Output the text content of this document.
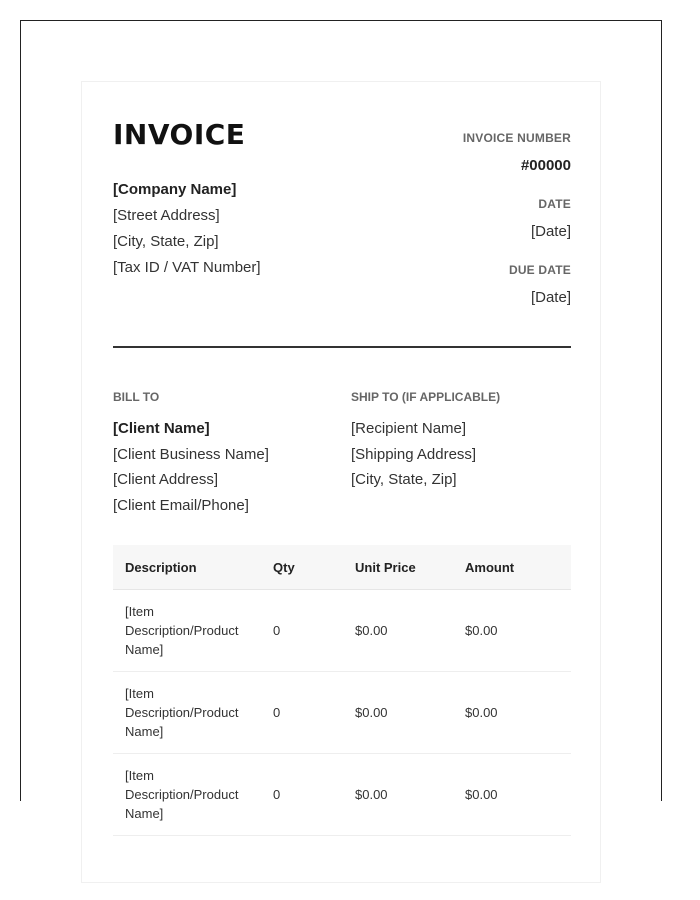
INVOICE
[Company Name]
[Street Address]
[City, State, Zip]
[Tax ID / VAT Number]
INVOICE NUMBER
#00000
DATE
[Date]
DUE DATE
[Date]
BILL TO
[Client Name]
[Client Business Name]
[Client Address]
[Client Email/Phone]
SHIP TO (IF APPLICABLE)
[Recipient Name]
[Shipping Address]
[City, State, Zip]
Description	Qty	Unit Price	Amount
[Item Description/Product Name]	0	$0.00	$0.00
[Item Description/Product Name]	0	$0.00	$0.00
[Item Description/Product Name]	0	$0.00	$0.00
